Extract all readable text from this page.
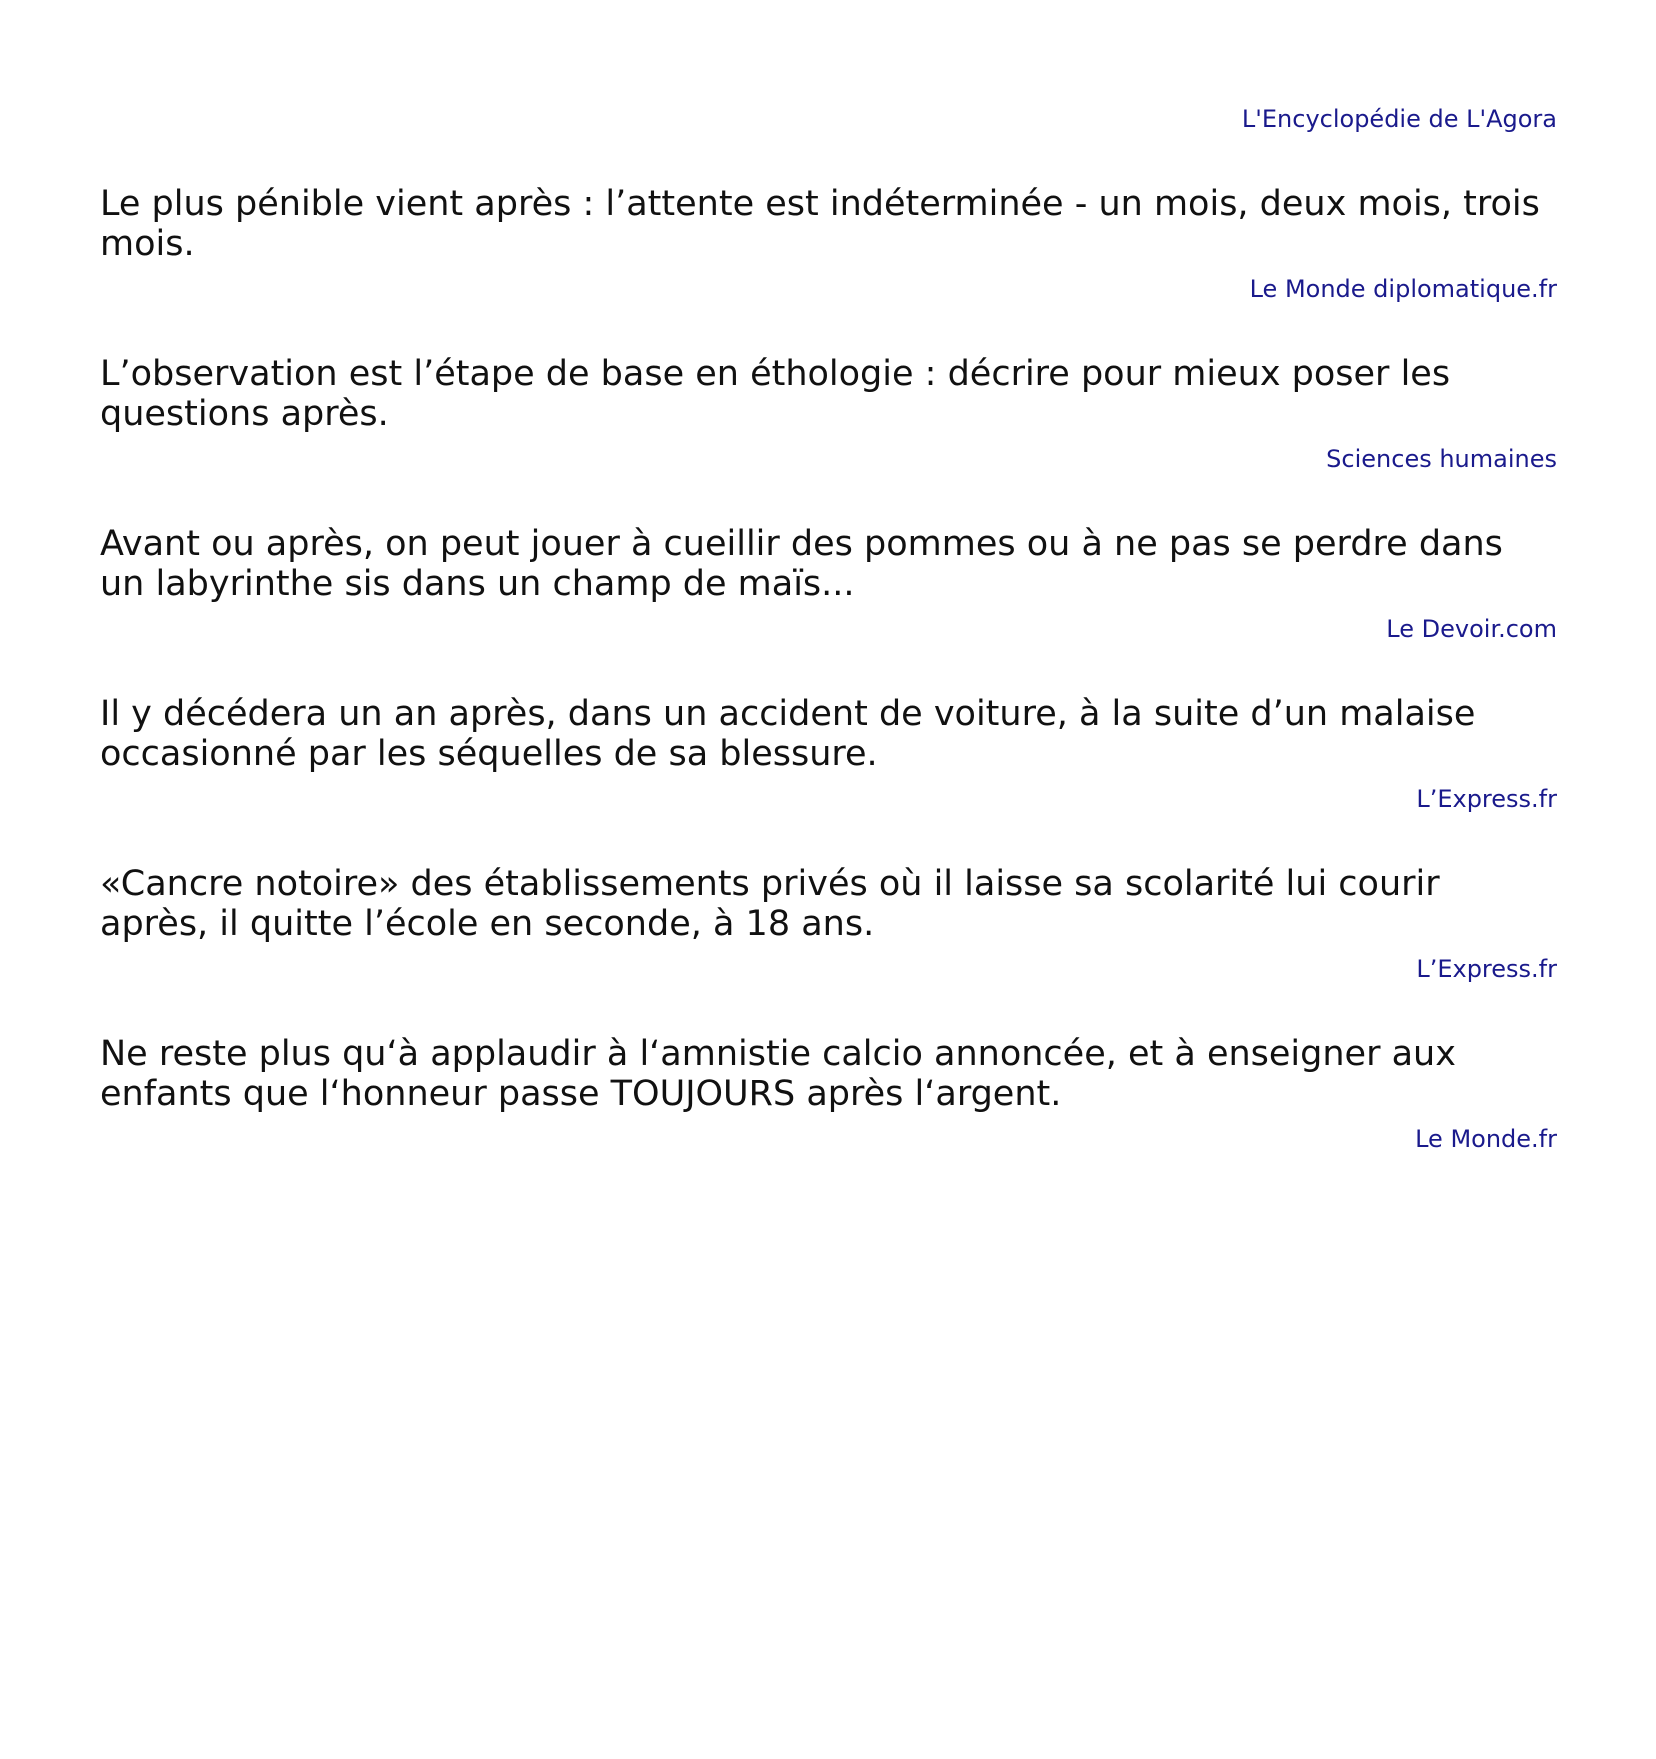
L'Encyclopédie de L'Agora

Le plus pénible vient après : l’attente est indéterminée - un mois, deux mois, trois mois.

Le Monde diplomatique.fr

L’observation est l’étape de base en éthologie : décrire pour mieux poser les questions après.

Sciences humaines

Avant ou après, on peut jouer à cueillir des pommes ou à ne pas se perdre dans un labyrinthe sis dans un champ de maïs...

Le Devoir.com

Il y décédera un an après, dans un accident de voiture, à la suite d’un malaise occasionné par les séquelles de sa blessure.

L’Express.fr

«Cancre notoire» des établissements privés où il laisse sa scolarité lui courir après, il quitte l’école en seconde, à 18 ans.

L’Express.fr

Ne reste plus qu‘à applaudir à l‘amnistie calcio annoncée, et à enseigner aux enfants que l‘honneur passe TOUJOURS après l‘argent.

Le Monde.fr
